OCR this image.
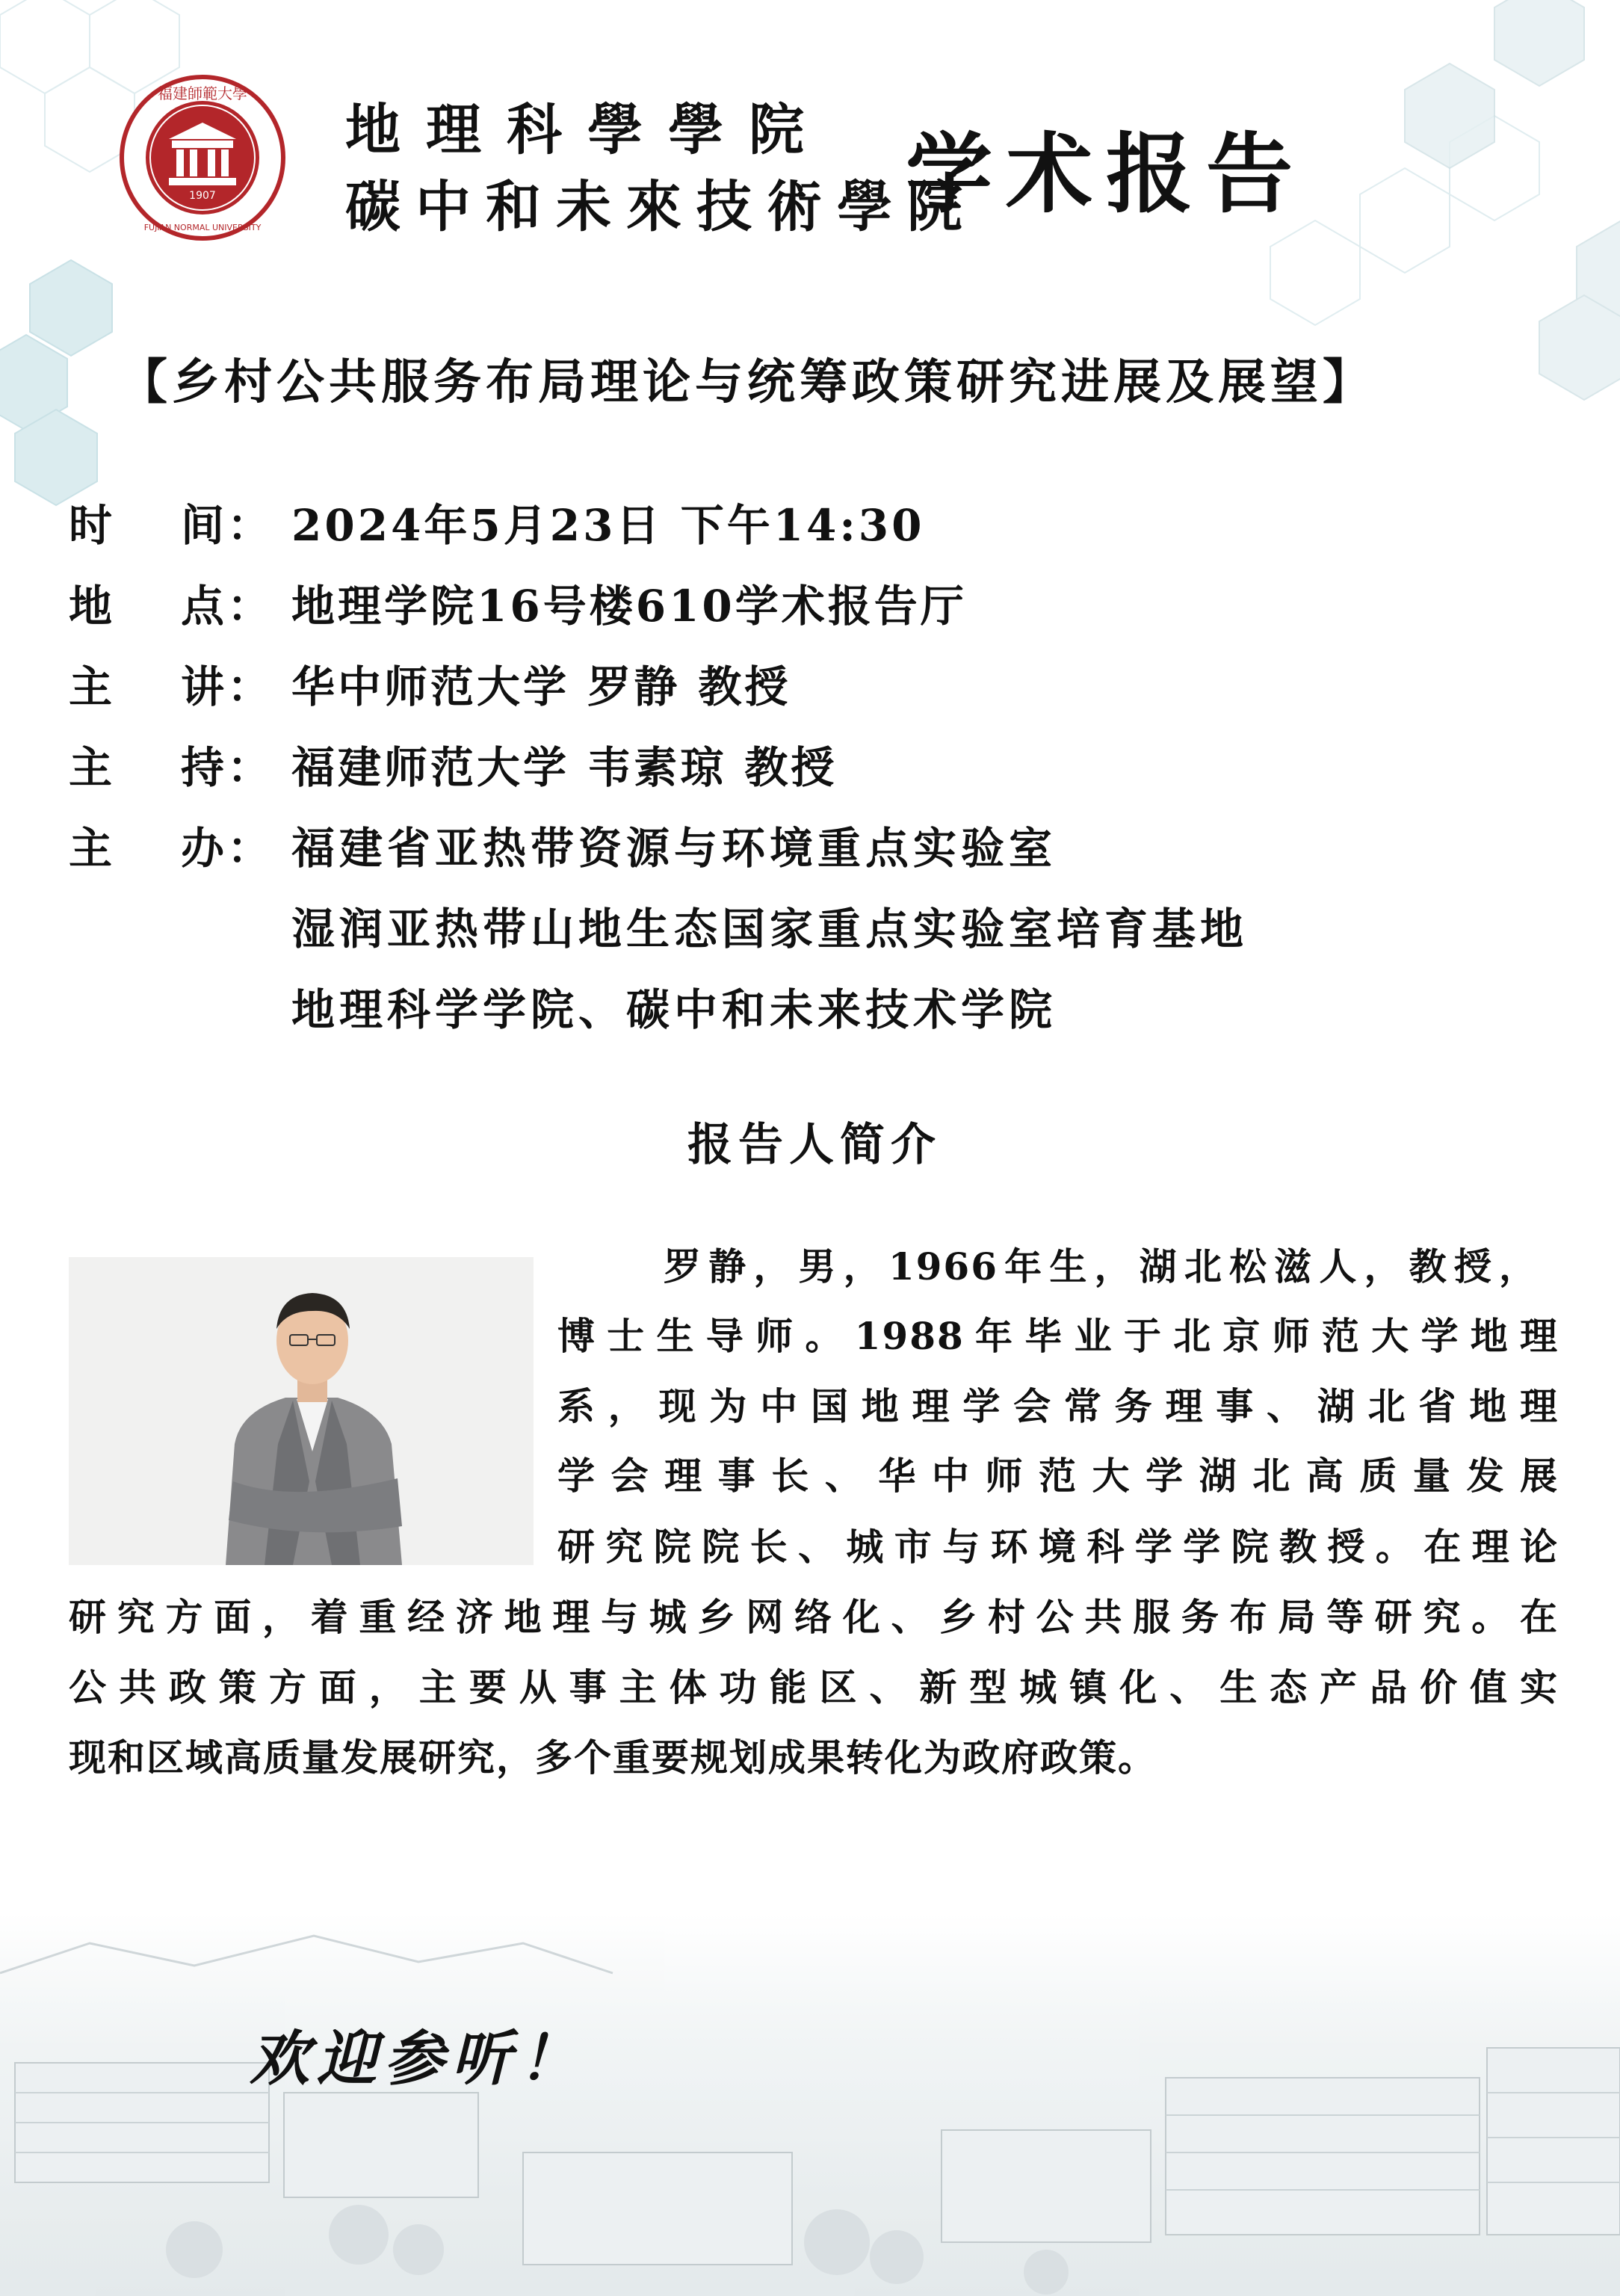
1907
福建師範大學
FUJIAN NORMAL UNIVERSITY
地理科學學院
碳中和未來技術學院
学术报告
【乡村公共服务布局理论与统筹政策研究进展及展望】
时 间 ： 2024年5月23日 下午14:30
地 点 ： 地理学院16号楼610学术报告厅
主 讲 ： 华中师范大学 罗静 教授
主 持 ： 福建师范大学 韦素琼 教授
主 办 ： 福建省亚热带资源与环境重点实验室
湿润亚热带山地生态国家重点实验室培育基地
地理科学学院、碳中和未来技术学院
报告人简介
罗静，男，1966年生，湖北松滋人，教授，
博士生导师。1988年毕业于北京师范大学地理
系，现为中国地理学会常务理事、湖北省地理
学会理事长、华中师范大学湖北高质量发展
研究院院长、城市与环境科学学院教授。在理论
研究方面，着重经济地理与城乡网络化、乡村公共服务布局等研究。在
公共政策方面，主要从事主体功能区、新型城镇化、生态产品价值实
现和区域高质量发展研究，多个重要规划成果转化为政府政策。
欢迎参听！
